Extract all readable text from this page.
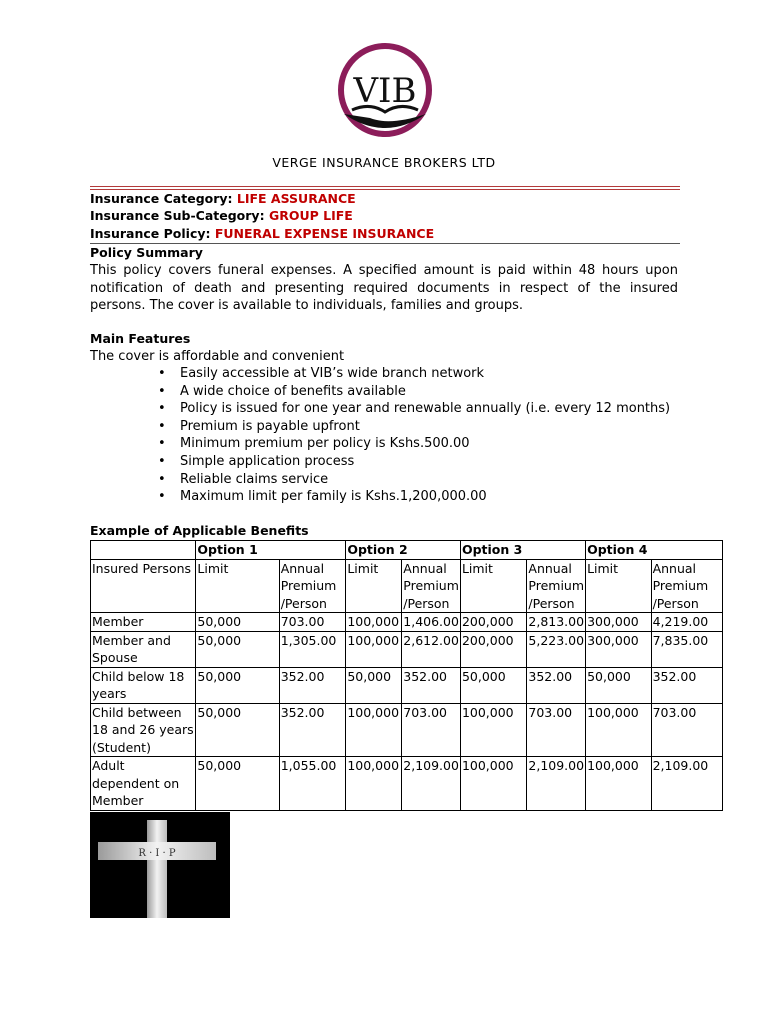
VIB
VERGE INSURANCE BROKERS LTD
Insurance Category: LIFE ASSURANCE
Insurance Sub-Category: GROUP LIFE
Insurance Policy: FUNERAL EXPENSE INSURANCE
Policy Summary
This policy covers funeral expenses. A specified amount is paid within 48 hours upon notification of death and presenting required documents in respect of the insured persons. The cover is available to individuals, families and groups.
Main Features
The cover is affordable and convenient
• Easily accessible at VIB’s wide branch network
• A wide choice of benefits available
• Policy is issued for one year and renewable annually (i.e. every 12 months)
• Premium is payable upfront
• Minimum premium per policy is Kshs.500.00
• Simple application process
• Reliable claims service
• Maximum limit per family is Kshs.1,200,000.00
Example of Applicable Benefits
	Option 1		Option 2		Option 3		Option 4	
Insured Persons	Limit	Annual Premium /Person	Limit	Annual Premium /Person	Limit	Annual Premium /Person	Limit	Annual Premium /Person
Member	50,000	703.00	100,000	1,406.00	200,000	2,813.00	300,000	4,219.00
Member and Spouse	50,000	1,305.00	100,000	2,612.00	200,000	5,223.00	300,000	7,835.00
Child below 18 years	50,000	352.00	50,000	352.00	50,000	352.00	50,000	352.00
Child between 18 and 26 years (Student)	50,000	352.00	100,000	703.00	100,000	703.00	100,000	703.00
Adult dependent on Member	50,000	1,055.00	100,000	2,109.00	100,000	2,109.00	100,000	2,109.00
R · I · P
